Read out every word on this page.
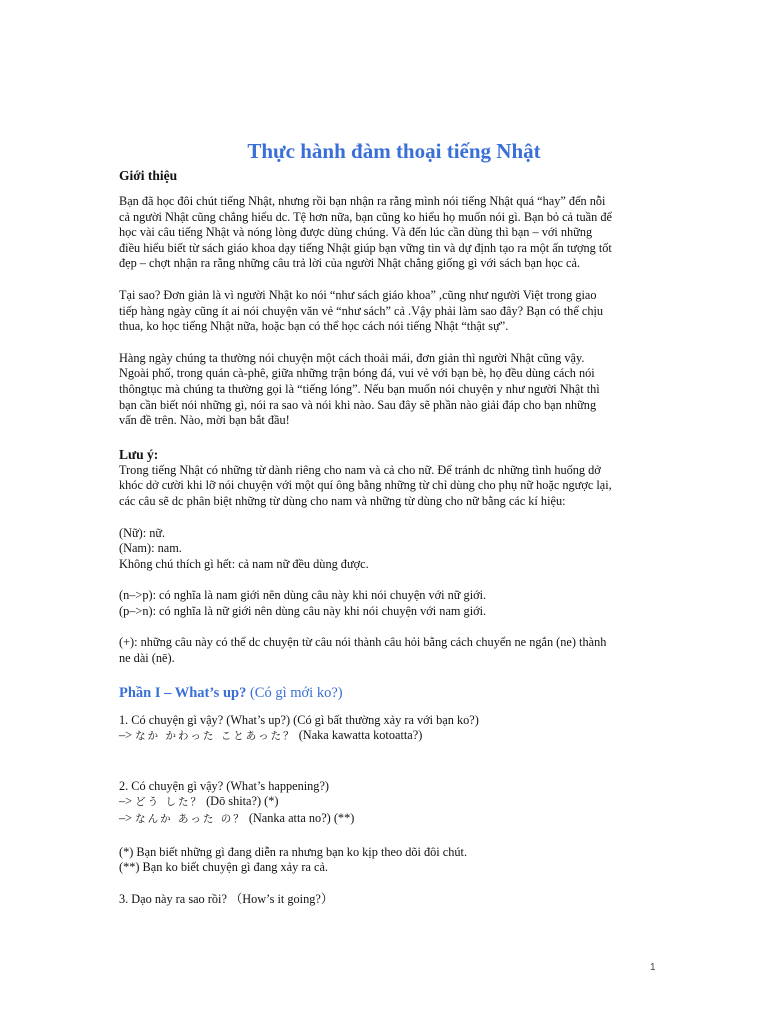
Thực hành đàm thoại tiếng Nhật
Giới thiệu

Bạn đã học đôi chút tiếng Nhật, nhưng rồi bạn nhận ra rằng mình nói tiếng Nhật quá “hay” đến nỗi
cả người Nhật cũng chẳng hiểu dc. Tệ hơn nữa, bạn cũng ko hiểu họ muốn nói gì. Bạn bỏ cả tuần để
học vài câu tiếng Nhật và nóng lòng được dùng chúng. Và đến lúc cần dùng thì bạn – với những
điều hiểu biết từ sách giáo khoa dạy tiếng Nhật giúp bạn vững tin và dự định tạo ra một ấn tượng tốt
đẹp – chợt nhận ra rằng những câu trả lời của người Nhật chẳng giống gì với sách bạn học cả.

Tại sao? Đơn giản là vì người Nhật ko nói “như sách giáo khoa” ,cũng như người Việt trong giao
tiếp hàng ngày cũng ít ai nói chuyện văn vẻ “như sách” cả .Vậy phải làm sao đây? Bạn có thể chịu
thua, ko học tiếng Nhật nữa, hoặc bạn có thể học cách nói tiếng Nhật “thật sự”.

Hàng ngày chúng ta thường nói chuyện một cách thoải mái, đơn giản thì người Nhật cũng vậy.
Ngoài phố, trong quán cà-phê, giữa những trận bóng đá, vui vẻ với bạn bè, họ đều dùng cách nói
thôngtục mà chúng ta thường gọi là “tiếng lóng”. Nếu bạn muốn nói chuyện y như người Nhật thì
bạn cần biết nói những gì, nói ra sao và nói khi nào. Sau đây sẽ phần nào giải đáp cho bạn những
vấn đề trên. Nào, mời bạn bắt đầu!

Lưu ý:

Trong tiếng Nhật có những từ dành riêng cho nam và cả cho nữ. Để tránh dc những tình huống dở
khóc dở cười khi lỡ nói chuyện với một quí ông bằng những từ chỉ dùng cho phụ nữ hoặc ngược lại,
các câu sẽ dc phân biệt những từ dùng cho nam và những từ dùng cho nữ bằng các kí hiệu:

(Nữ): nữ.
(Nam): nam.
Không chú thích gì hết: cả nam nữ đều dùng được.

(n–>p): có nghĩa là nam giới nên dùng câu này khi nói chuyện với nữ giới.
(p–>n): có nghĩa là nữ giới nên dùng câu này khi nói chuyện với nam giới.

(+): những câu này có thể dc chuyện từ câu nói thành câu hỏi bằng cách chuyển ne ngắn (ne) thành
ne dài (nē).

Phần I – What’s up? (Có gì mới ko?)

1. Có chuyện gì vậy? (What’s up?) (Có gì bất thường xảy ra với bạn ko?)
–> なか かわった ことあった？ (Naka kawatta kotoatta?)

2. Có chuyện gì vậy? (What’s happening?)
–> どう した？ (Dō shita?) (*)
–> なんか あった の？ (Nanka atta no?) (**)

(*) Bạn biết những gì đang diễn ra nhưng bạn ko kịp theo dõi đôi chút.
(**) Bạn ko biết chuyện gì đang xảy ra cả.

3. Dạo này ra sao rồi? （How’s it going?）

1
